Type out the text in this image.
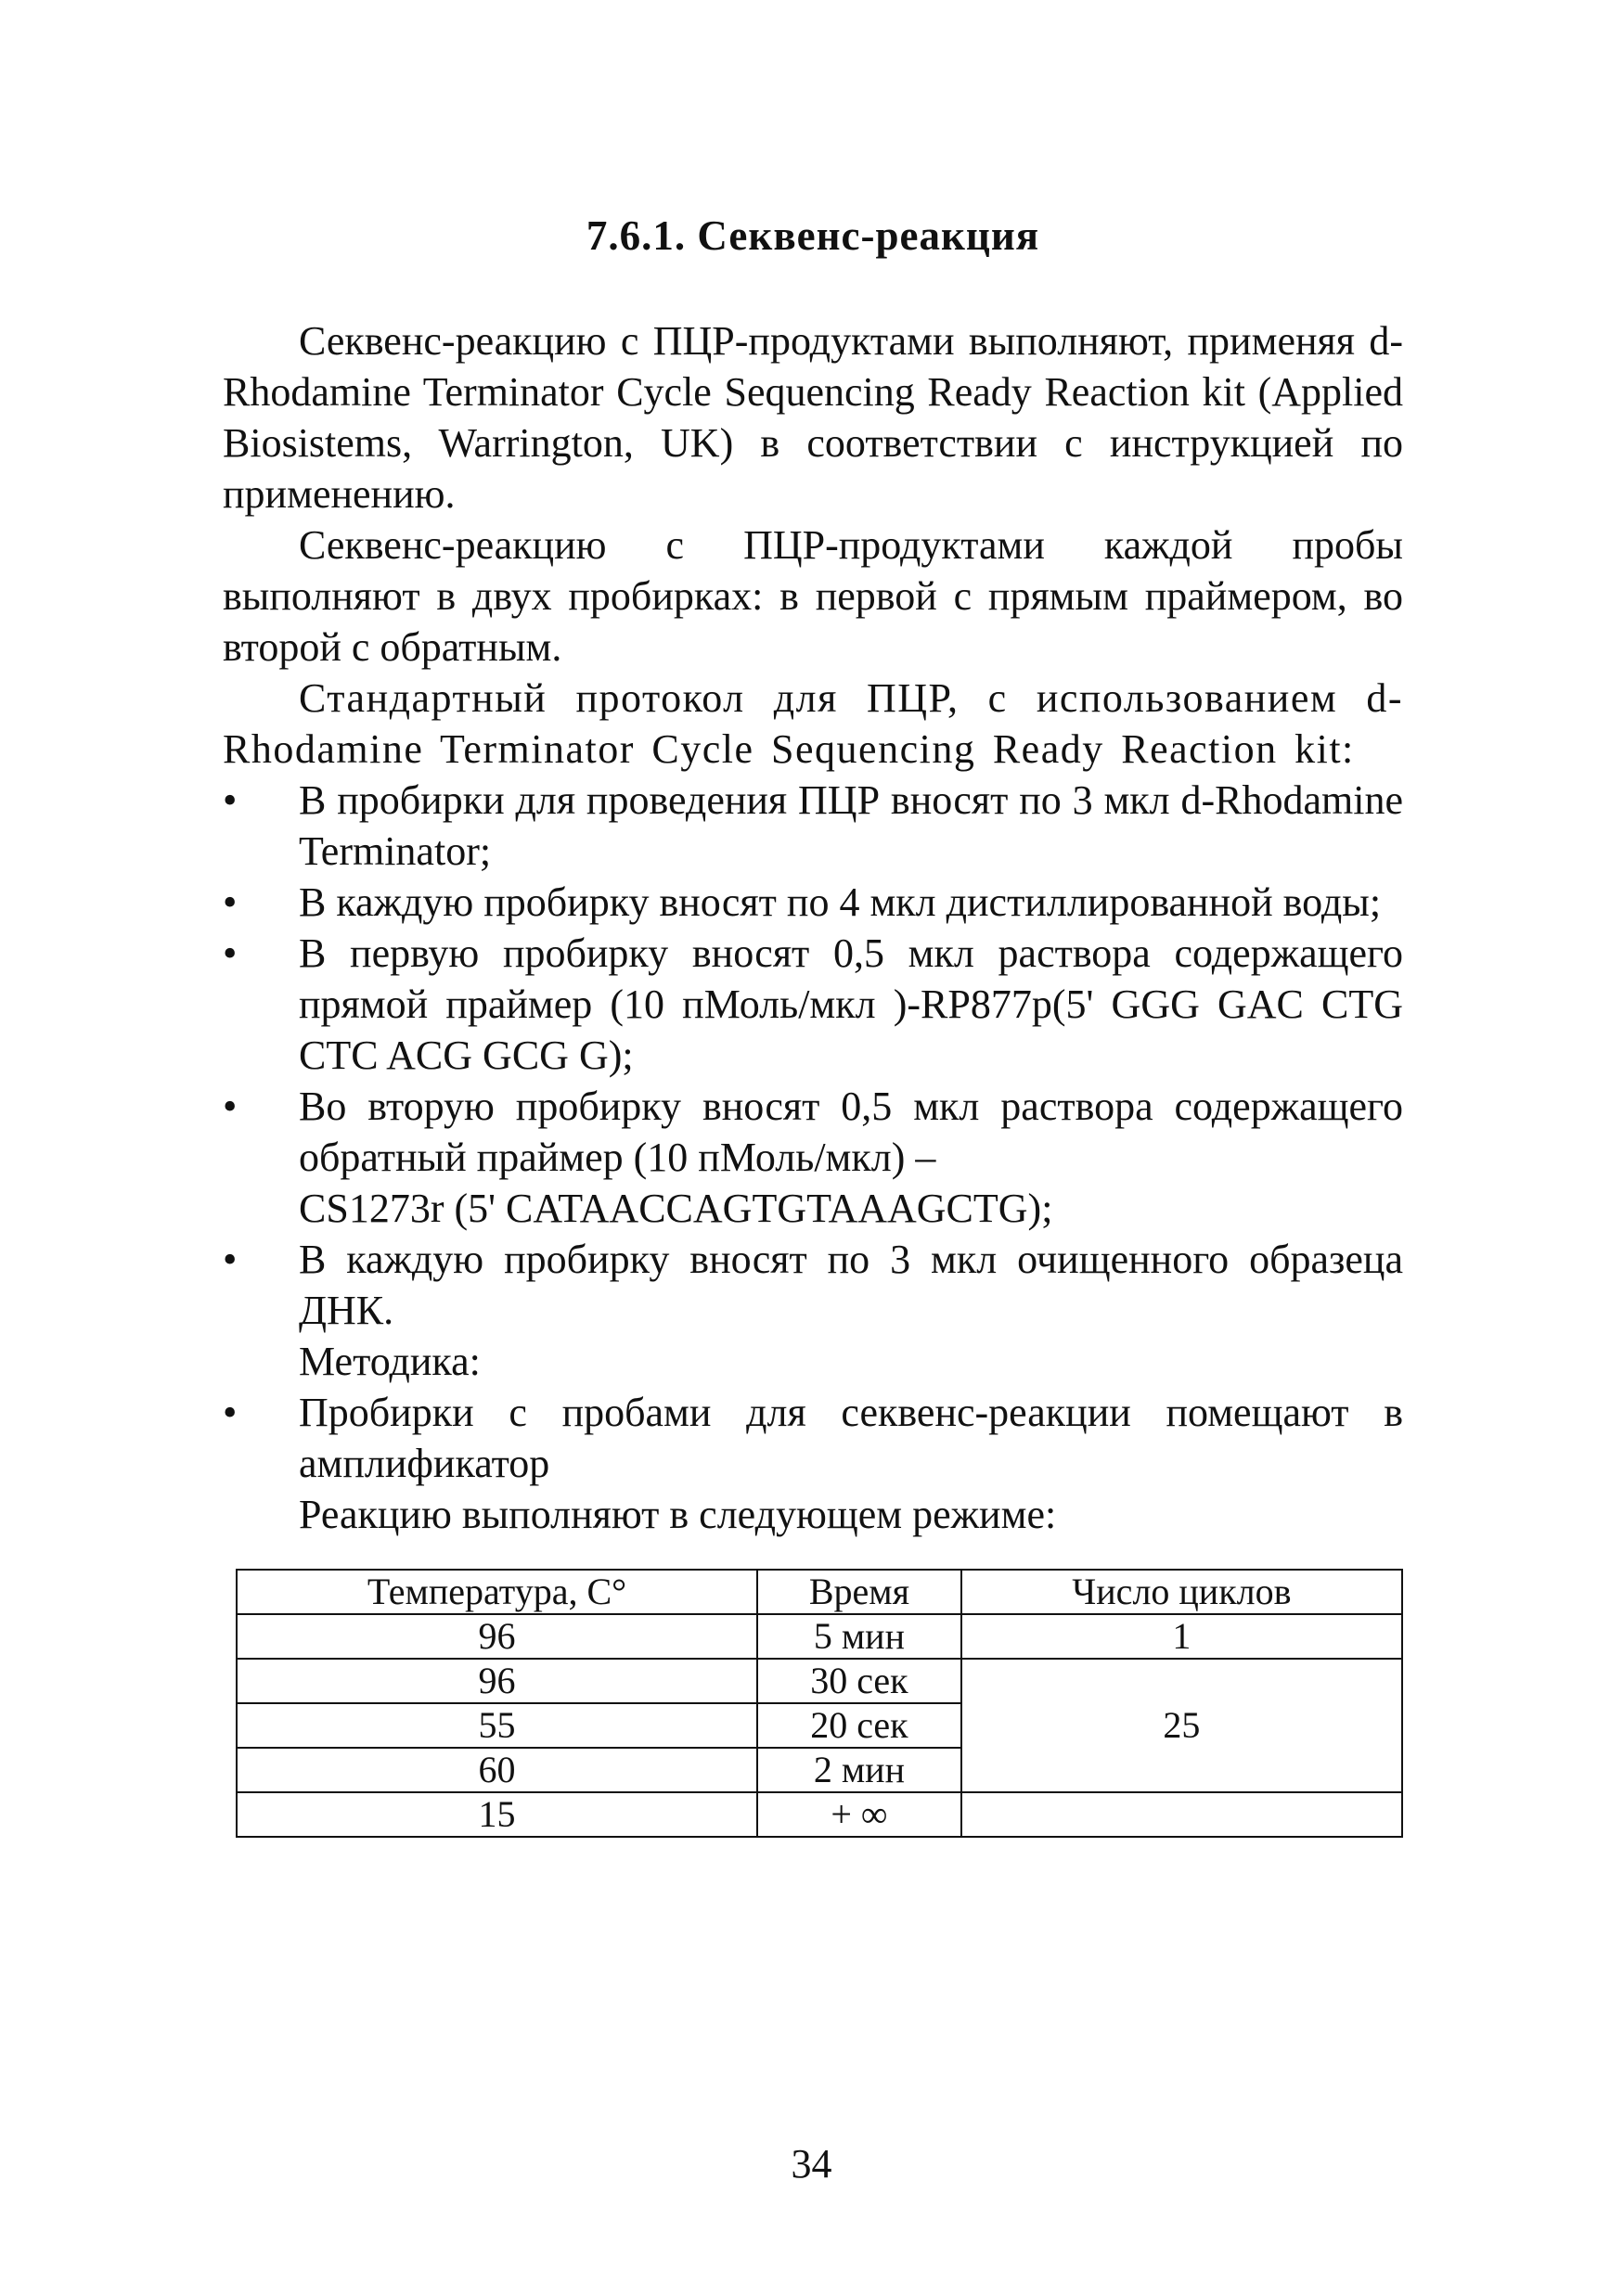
7.6.1. Секвенс-реакция

Секвенс-реакцию с ПЦР-продуктами выполняют, применяя d-Rhodamine Terminator Cycle Sequencing Ready Reaction kit (Applied Biosistems, Warrington, UK) в соответствии с инструкцией по применению.

Секвенс-реакцию с ПЦР-продуктами каждой пробы выполняют в двух пробирках: в первой с прямым праймером, во второй с обратным.

Стандартный протокол для ПЦР, с использованием d-Rhodamine Terminator Cycle Sequencing Ready Reaction kit:

• В пробирки для проведения ПЦР вносят по 3 мкл d-Rhodamine Terminator;
• В каждую пробирку вносят по 4 мкл дистиллированной воды;
• В первую пробирку вносят 0,5 мкл раствора содержащего прямой праймер (10 пМоль/мкл )-RP877p(5' GGG GAC CTG CTC ACG GCG G);
• Во вторую пробирку вносят 0,5 мкл раствора содержащего обратный праймер (10 пМоль/мкл) –
CS1273r (5' CATAACCAGTGTAAAGCTG);
• В каждую пробирку вносят по 3 мкл очищенного образеца ДНК.
Методика:
• Пробирки с пробами для секвенс-реакции помещают в амплификатор
Реакцию выполняют в следующем режиме:
Температура, С°	Время	Число циклов
96	5 мин	1
96	30 сек	25
55	20 сек	
60	2 мин	
15	+ ∞	
34
